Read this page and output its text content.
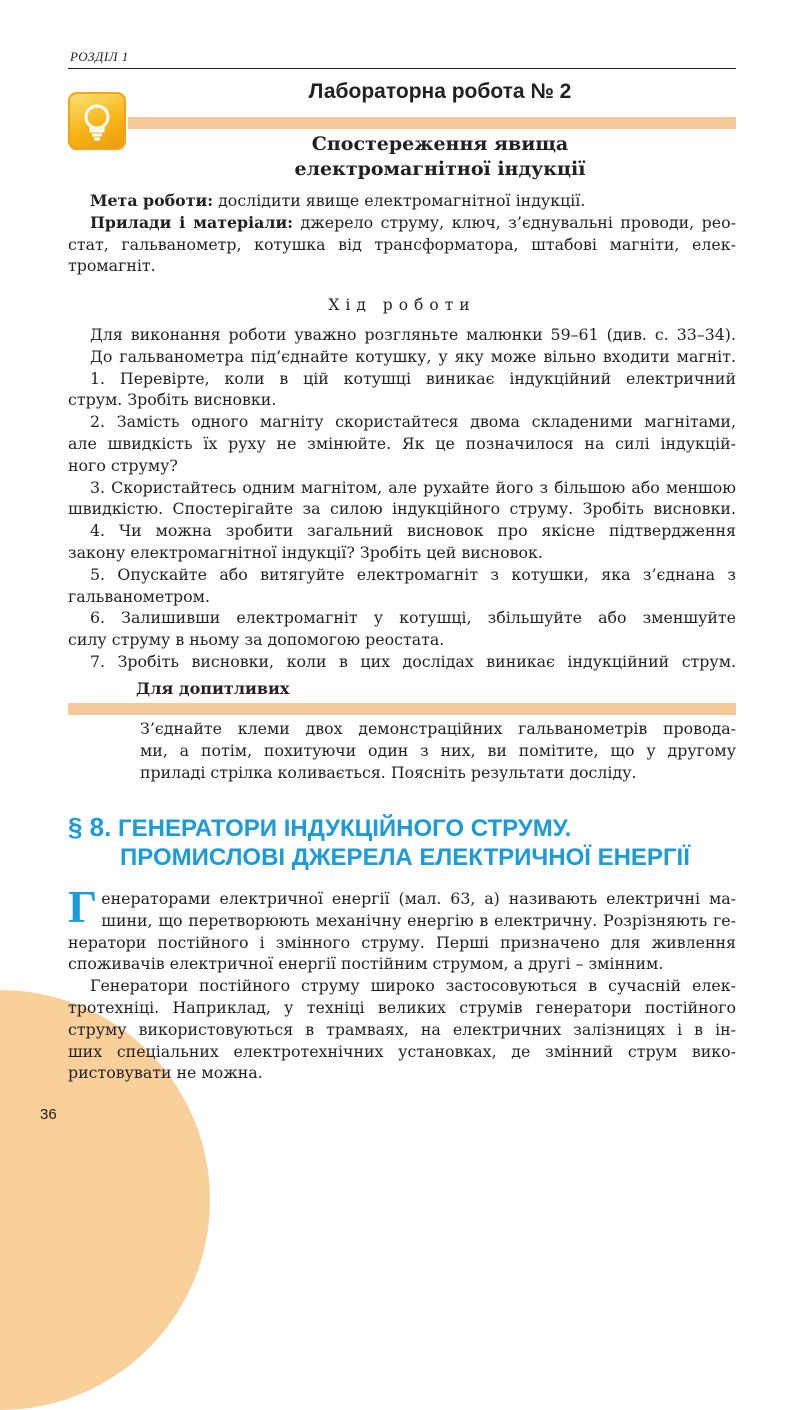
РОЗДІЛ 1
Лабораторна робота № 2
Спостереження явища
електромагнітної індукції
Мета роботи: дослідити явище електромагнітної індукції.
Прилади і матеріали: джерело струму, ключ, з’єднувальні проводи, рео-
стат, гальванометр, котушка від трансформатора, штабові магніти, елек-
тромагніт.
Хід роботи
Для виконання роботи уважно розгляньте малюнки 59–61 (див. с. 33–34).
До гальванометра під’єднайте котушку, у яку може вільно входити магніт.
1. Перевірте, коли в цій котушці виникає індукційний електричний
струм. Зробіть висновки.
2. Замість одного магніту скористайтеся двома складеними магнітами,
але швидкість їх руху не змінюйте. Як це позначилося на силі індукцій-
ного струму?
3. Скористайтесь одним магнітом, але рухайте його з більшою або меншою
швидкістю. Спостерігайте за силою індукційного струму. Зробіть висновки.
4. Чи можна зробити загальний висновок про якісне підтвердження
закону електромагнітної індукції? Зробіть цей висновок.
5. Опускайте або витягуйте електромагніт з котушки, яка з’єднана з
гальванометром.
6. Залишивши електромагніт у котушці, збільшуйте або зменшуйте
силу струму в ньому за допомогою реостата.
7. Зробіть висновки, коли в цих дослідах виникає індукційний струм.
Для допитливих
З’єднайте клеми двох демонстраційних гальванометрів провода-
ми, а потім, похитуючи один з них, ви помітите, що у другому
приладі стрілка коливається. Поясніть результати досліду.
§ 8. ГЕНЕРАТОРИ ІНДУКЦІЙНОГО СТРУМУ.
ПРОМИСЛОВІ ДЖЕРЕЛА ЕЛЕКТРИЧНОЇ ЕНЕРГІЇ
Г енераторами електричної енергії (мал. 63, а) називають електричні ма-
шини, що перетворюють механічну енергію в електричну. Розрізняють ге-
нератори постійного і змінного струму. Перші призначено для живлення
споживачів електричної енергії постійним струмом, а другі – змінним.
Генератори постійного струму широко застосовуються в сучасній елек-
тротехніці. Наприклад, у техніці великих струмів генератори постійного
струму використовуються в трамваях, на електричних залізницях і в ін-
ших спеціальних електротехнічних установках, де змінний струм вико-
ристовувати не можна.
36
